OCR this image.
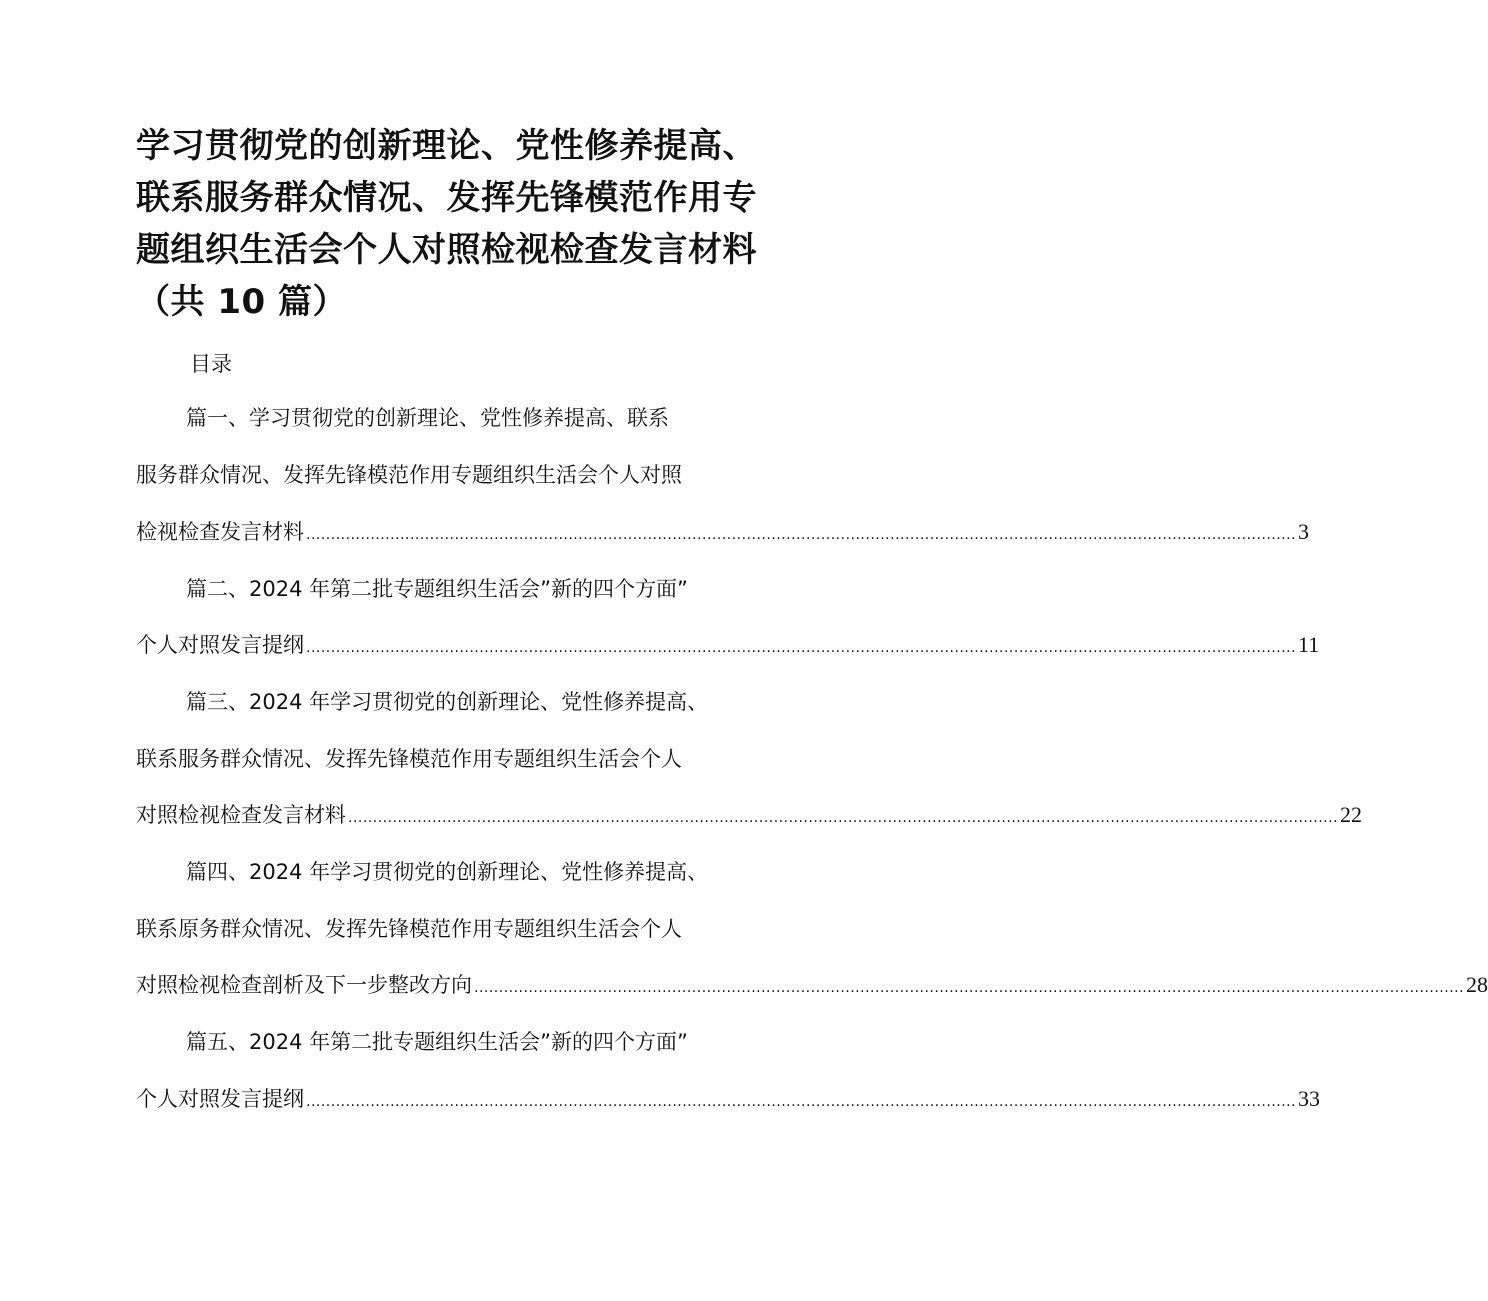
学习贯彻党的创新理论、党性修养提高、联系服务群众情况、发挥先锋模范作用专题组织生活会个人对照检视检查发言材料（共 10 篇）
目录
篇一、学习贯彻党的创新理论、党性修养提高、联系
服务群众情况、发挥先锋模范作用专题组织生活会个人对照
检视检查发言材料 ........................................................................................................................................................................................................ 3
篇二、2024 年第二批专题组织生活会”新的四个方面”
个人对照发言提纲 ........................................................................................................................................................................................................ 11
篇三、2024 年学习贯彻党的创新理论、党性修养提高、
联系服务群众情况、发挥先锋模范作用专题组织生活会个人
对照检视检查发言材料 ........................................................................................................................................................................................................ 22
篇四、2024 年学习贯彻党的创新理论、党性修养提高、
联系原务群众情况、发挥先锋模范作用专题组织生活会个人
对照检视检查剖析及下一步整改方向 ........................................................................................................................................................................................................ 28
篇五、2024 年第二批专题组织生活会”新的四个方面”
个人对照发言提纲 ........................................................................................................................................................................................................ 33
